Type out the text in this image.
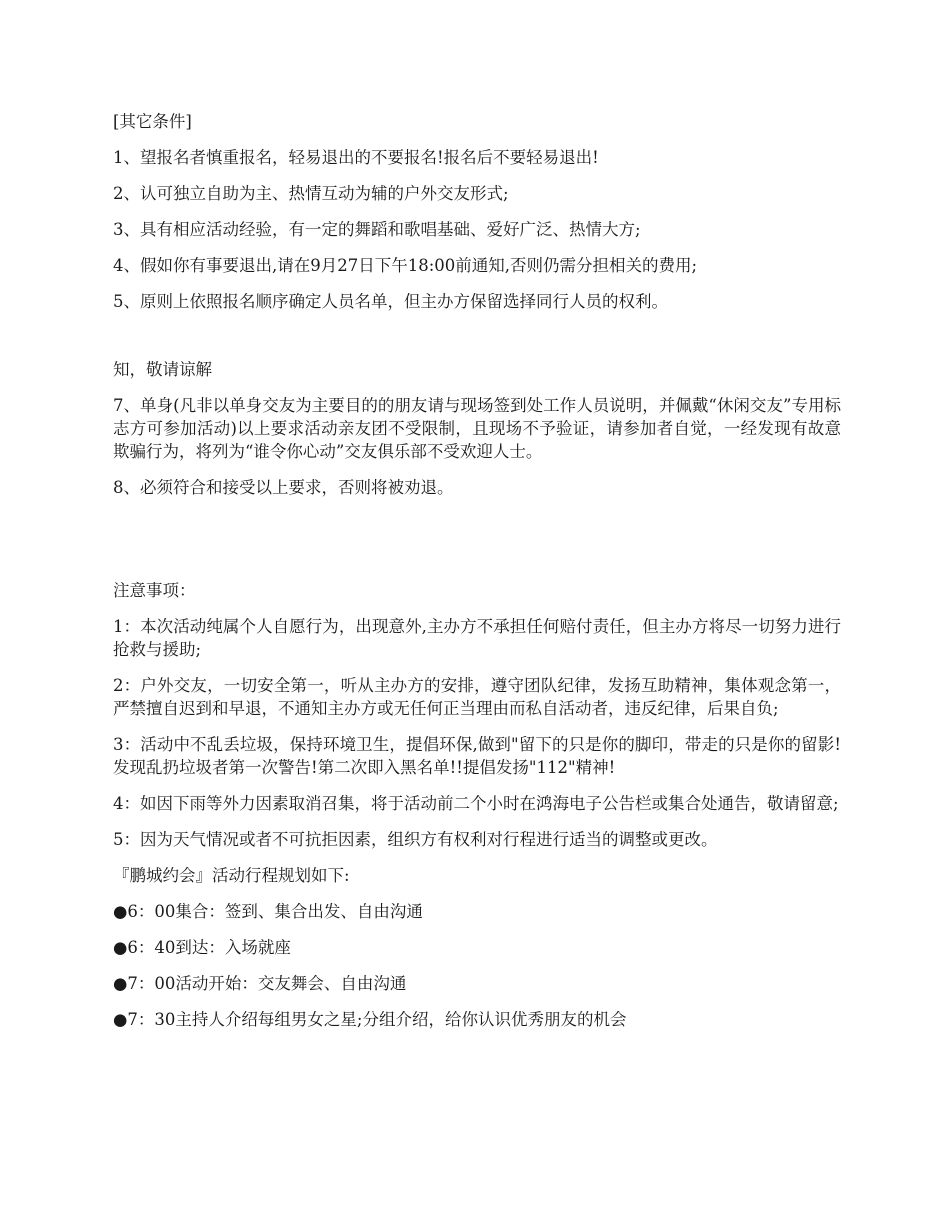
[其它条件]

1、望报名者慎重报名，轻易退出的不要报名!报名后不要轻易退出!

2、认可独立自助为主、热情互动为辅的户外交友形式;

3、具有相应活动经验，有一定的舞蹈和歌唱基础、爱好广泛、热情大方;

4、假如你有事要退出,请在9月27日下午18:00前通知,否则仍需分担相关的费用;

5、原则上依照报名顺序确定人员名单，但主办方保留选择同行人员的权利。

知，敬请谅解

7、单身(凡非以单身交友为主要目的的朋友请与现场签到处工作人员说明，并佩戴“休闲交友”专用标志方可参加活动)以上要求活动亲友团不受限制，且现场不予验证，请参加者自觉，一经发现有故意欺骗行为，将列为“谁令你心动”交友俱乐部不受欢迎人士。

8、必须符合和接受以上要求，否则将被劝退。

注意事项：

1：本次活动纯属个人自愿行为，出现意外,主办方不承担任何赔付责任，但主办方将尽一切努力进行抢救与援助;

2：户外交友，一切安全第一，听从主办方的安排，遵守团队纪律，发扬互助精神，集体观念第一，严禁擅自迟到和早退，不通知主办方或无任何正当理由而私自活动者，违反纪律，后果自负;

3：活动中不乱丢垃圾，保持环境卫生，提倡环保,做到"留下的只是你的脚印，带走的只是你的留影!发现乱扔垃圾者第一次警告!第二次即入黑名单!!提倡发扬"112"精神!

4：如因下雨等外力因素取消召集，将于活动前二个小时在鸿海电子公告栏或集合处通告，敬请留意;

5：因为天气情况或者不可抗拒因素，组织方有权利对行程进行适当的调整或更改。

『鹏城约会』活动行程规划如下:

●6：00集合：签到、集合出发、自由沟通

●6：40到达：入场就座

●7：00活动开始：交友舞会、自由沟通

●7：30主持人介绍每组男女之星;分组介绍，给你认识优秀朋友的机会
